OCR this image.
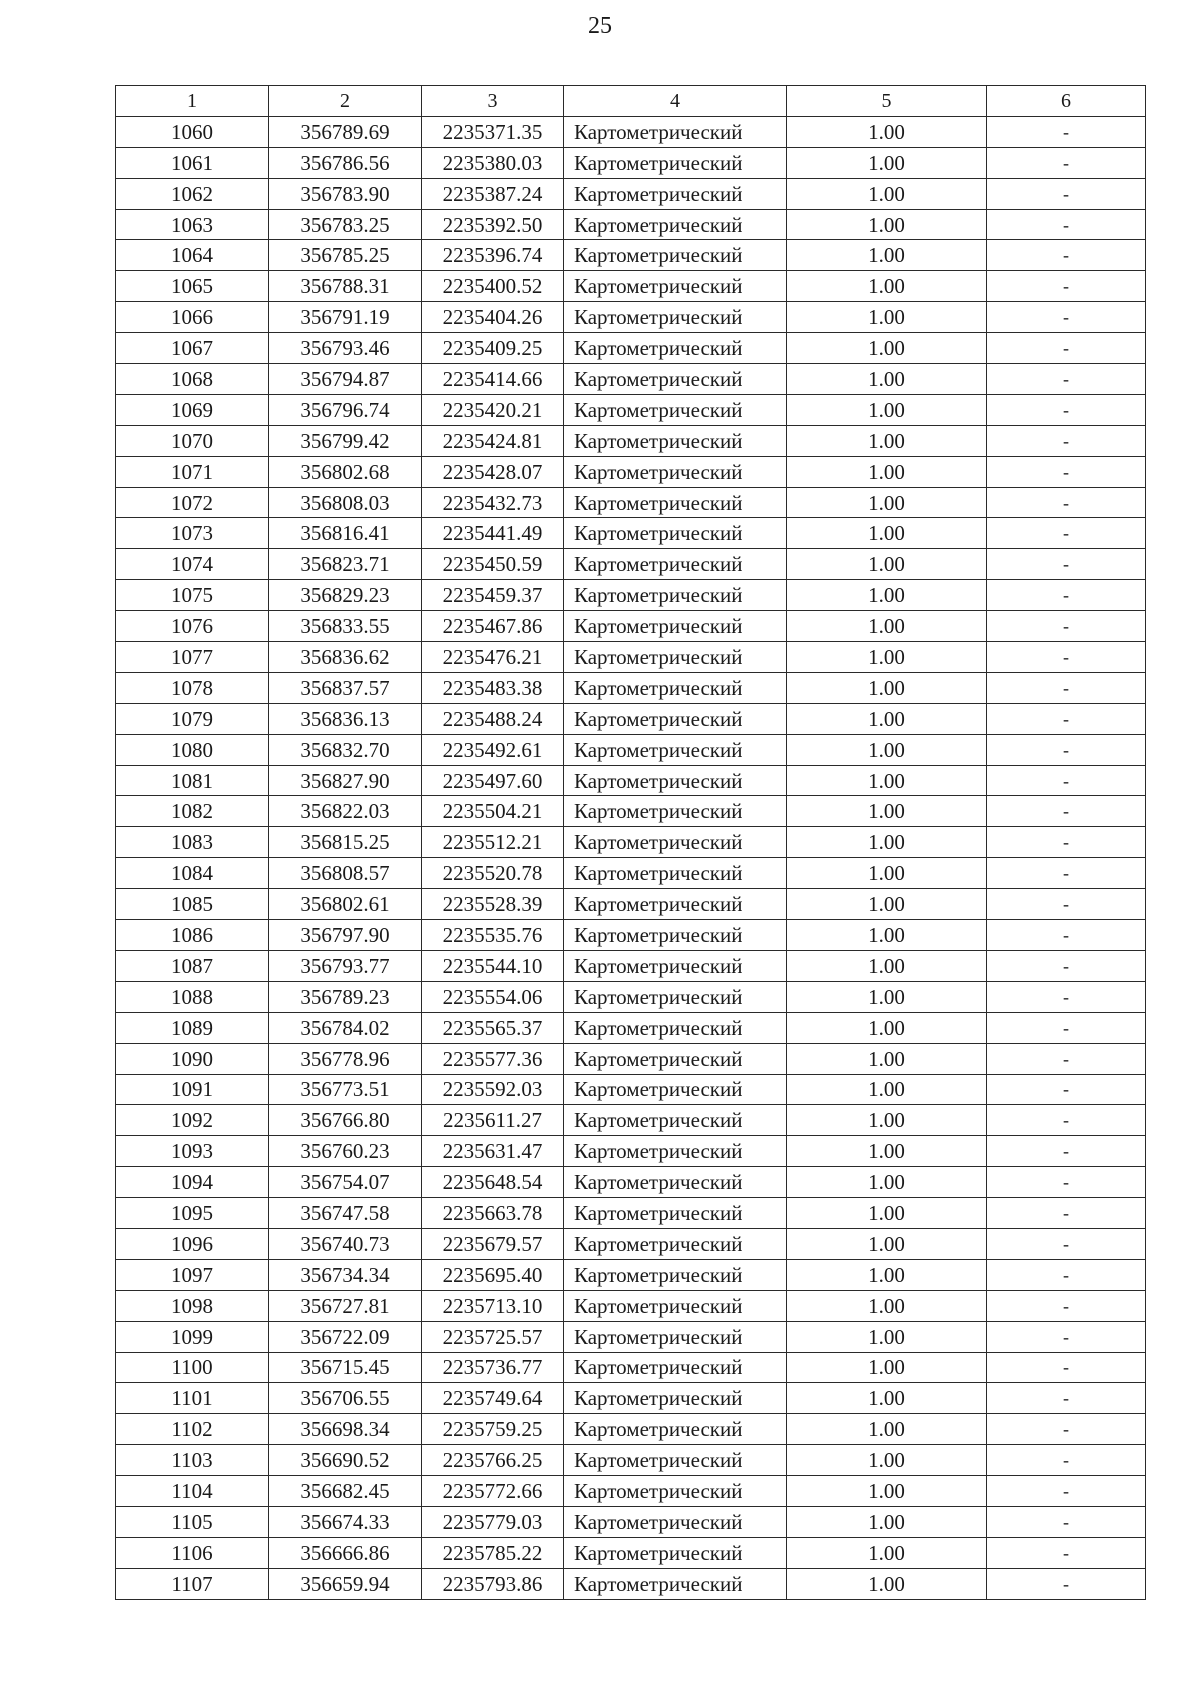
25
1	2	3	4	5	6
1060	356789.69	2235371.35	Картометрический	1.00	-
1061	356786.56	2235380.03	Картометрический	1.00	-
1062	356783.90	2235387.24	Картометрический	1.00	-
1063	356783.25	2235392.50	Картометрический	1.00	-
1064	356785.25	2235396.74	Картометрический	1.00	-
1065	356788.31	2235400.52	Картометрический	1.00	-
1066	356791.19	2235404.26	Картометрический	1.00	-
1067	356793.46	2235409.25	Картометрический	1.00	-
1068	356794.87	2235414.66	Картометрический	1.00	-
1069	356796.74	2235420.21	Картометрический	1.00	-
1070	356799.42	2235424.81	Картометрический	1.00	-
1071	356802.68	2235428.07	Картометрический	1.00	-
1072	356808.03	2235432.73	Картометрический	1.00	-
1073	356816.41	2235441.49	Картометрический	1.00	-
1074	356823.71	2235450.59	Картометрический	1.00	-
1075	356829.23	2235459.37	Картометрический	1.00	-
1076	356833.55	2235467.86	Картометрический	1.00	-
1077	356836.62	2235476.21	Картометрический	1.00	-
1078	356837.57	2235483.38	Картометрический	1.00	-
1079	356836.13	2235488.24	Картометрический	1.00	-
1080	356832.70	2235492.61	Картометрический	1.00	-
1081	356827.90	2235497.60	Картометрический	1.00	-
1082	356822.03	2235504.21	Картометрический	1.00	-
1083	356815.25	2235512.21	Картометрический	1.00	-
1084	356808.57	2235520.78	Картометрический	1.00	-
1085	356802.61	2235528.39	Картометрический	1.00	-
1086	356797.90	2235535.76	Картометрический	1.00	-
1087	356793.77	2235544.10	Картометрический	1.00	-
1088	356789.23	2235554.06	Картометрический	1.00	-
1089	356784.02	2235565.37	Картометрический	1.00	-
1090	356778.96	2235577.36	Картометрический	1.00	-
1091	356773.51	2235592.03	Картометрический	1.00	-
1092	356766.80	2235611.27	Картометрический	1.00	-
1093	356760.23	2235631.47	Картометрический	1.00	-
1094	356754.07	2235648.54	Картометрический	1.00	-
1095	356747.58	2235663.78	Картометрический	1.00	-
1096	356740.73	2235679.57	Картометрический	1.00	-
1097	356734.34	2235695.40	Картометрический	1.00	-
1098	356727.81	2235713.10	Картометрический	1.00	-
1099	356722.09	2235725.57	Картометрический	1.00	-
1100	356715.45	2235736.77	Картометрический	1.00	-
1101	356706.55	2235749.64	Картометрический	1.00	-
1102	356698.34	2235759.25	Картометрический	1.00	-
1103	356690.52	2235766.25	Картометрический	1.00	-
1104	356682.45	2235772.66	Картометрический	1.00	-
1105	356674.33	2235779.03	Картометрический	1.00	-
1106	356666.86	2235785.22	Картометрический	1.00	-
1107	356659.94	2235793.86	Картометрический	1.00	-
